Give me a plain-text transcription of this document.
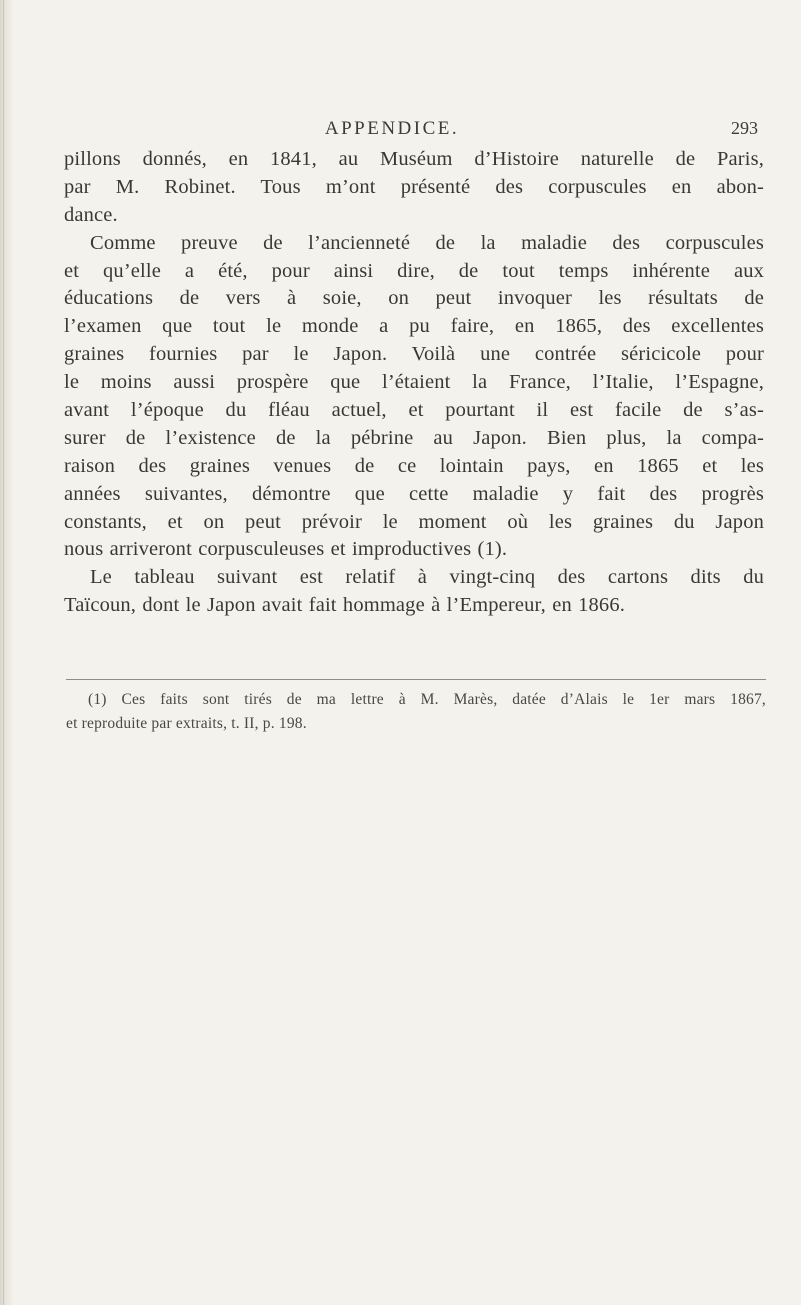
APPENDICE.	293
pillons donnés, en 1841, au Muséum d’Histoire naturelle de Paris,
par M. Robinet. Tous m’ont présenté des corpuscules en abon-
dance.
Comme preuve de l’ancienneté de la maladie des corpuscules
et qu’elle a été, pour ainsi dire, de tout temps inhérente aux
éducations de vers à soie, on peut invoquer les résultats de
l’examen que tout le monde a pu faire, en 1865, des excellentes
graines fournies par le Japon. Voilà une contrée séricicole pour
le moins aussi prospère que l’étaient la France, l’Italie, l’Espagne,
avant l’époque du fléau actuel, et pourtant il est facile de s’as-
surer de l’existence de la pébrine au Japon. Bien plus, la compa-
raison des graines venues de ce lointain pays, en 1865 et les
années suivantes, démontre que cette maladie y fait des progrès
constants, et on peut prévoir le moment où les graines du Japon
nous arriveront corpusculeuses et improductives (1).
Le tableau suivant est relatif à vingt-cinq des cartons dits du
Taïcoun, dont le Japon avait fait hommage à l’Empereur, en 1866.
(1) Ces faits sont tirés de ma lettre à M. Marès, datée d’Alais le 1er mars 1867,
et reproduite par extraits, t. II, p. 198.
